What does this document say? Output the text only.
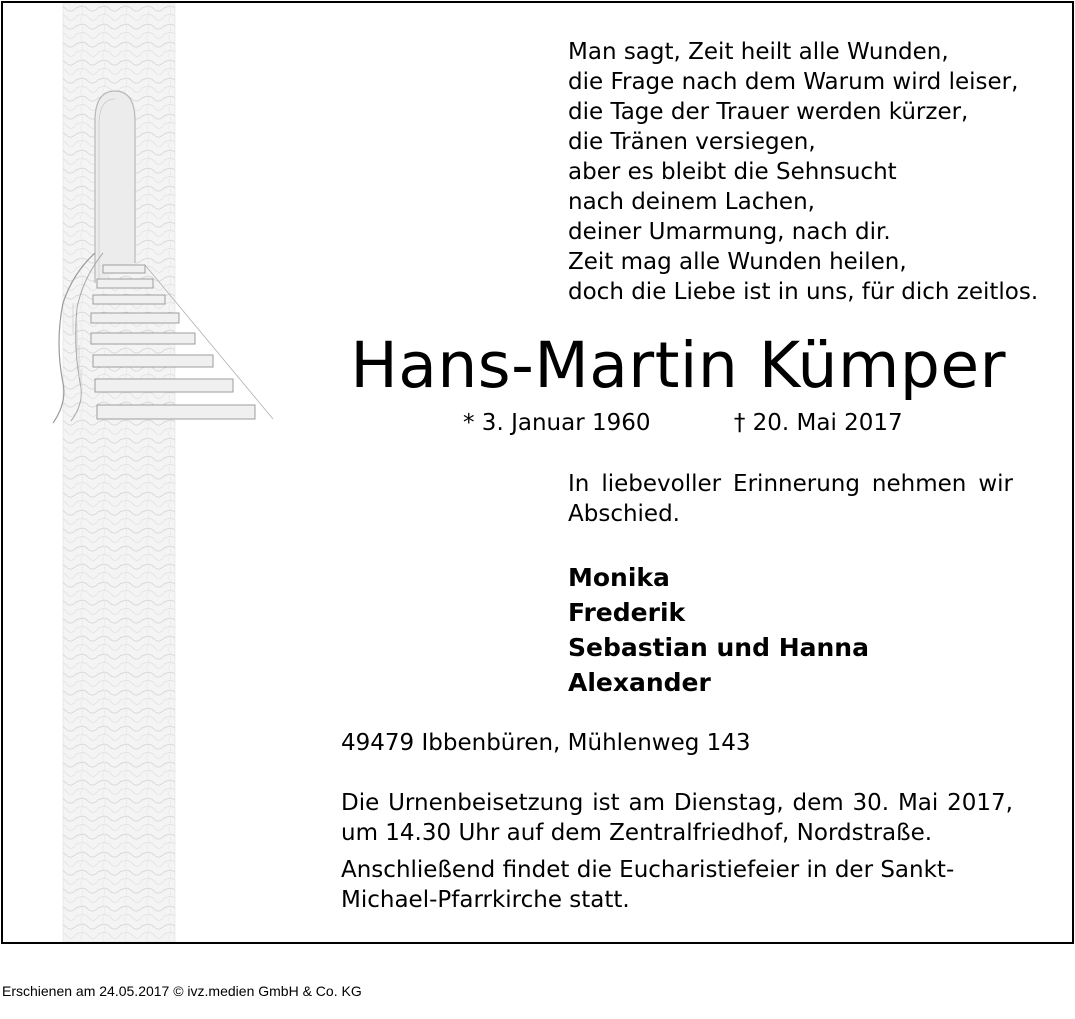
Man sagt, Zeit heilt alle Wunden,
die Frage nach dem Warum wird leiser,
die Tage der Trauer werden kürzer,
die Tränen versiegen,
aber es bleibt die Sehnsucht
nach deinem Lachen,
deiner Umarmung, nach dir.
Zeit mag alle Wunden heilen,
doch die Liebe ist in uns, für dich zeitlos.
Hans-Martin Kümper
* 3. Januar 1960	† 20. Mai 2017
In liebevoller Erinnerung nehmen wir Abschied.
Monika
Frederik
Sebastian und Hanna
Alexander
49479 Ibbenbüren, Mühlenweg 143
Die Urnenbeisetzung ist am Dienstag, dem 30. Mai 2017, um 14.30 Uhr auf dem Zentralfriedhof, Nordstraße.
Anschließend findet die Eucharistiefeier in der Sankt-Michael-Pfarrkirche statt.
Erschienen am 24.05.2017 © ivz.medien GmbH & Co. KG
